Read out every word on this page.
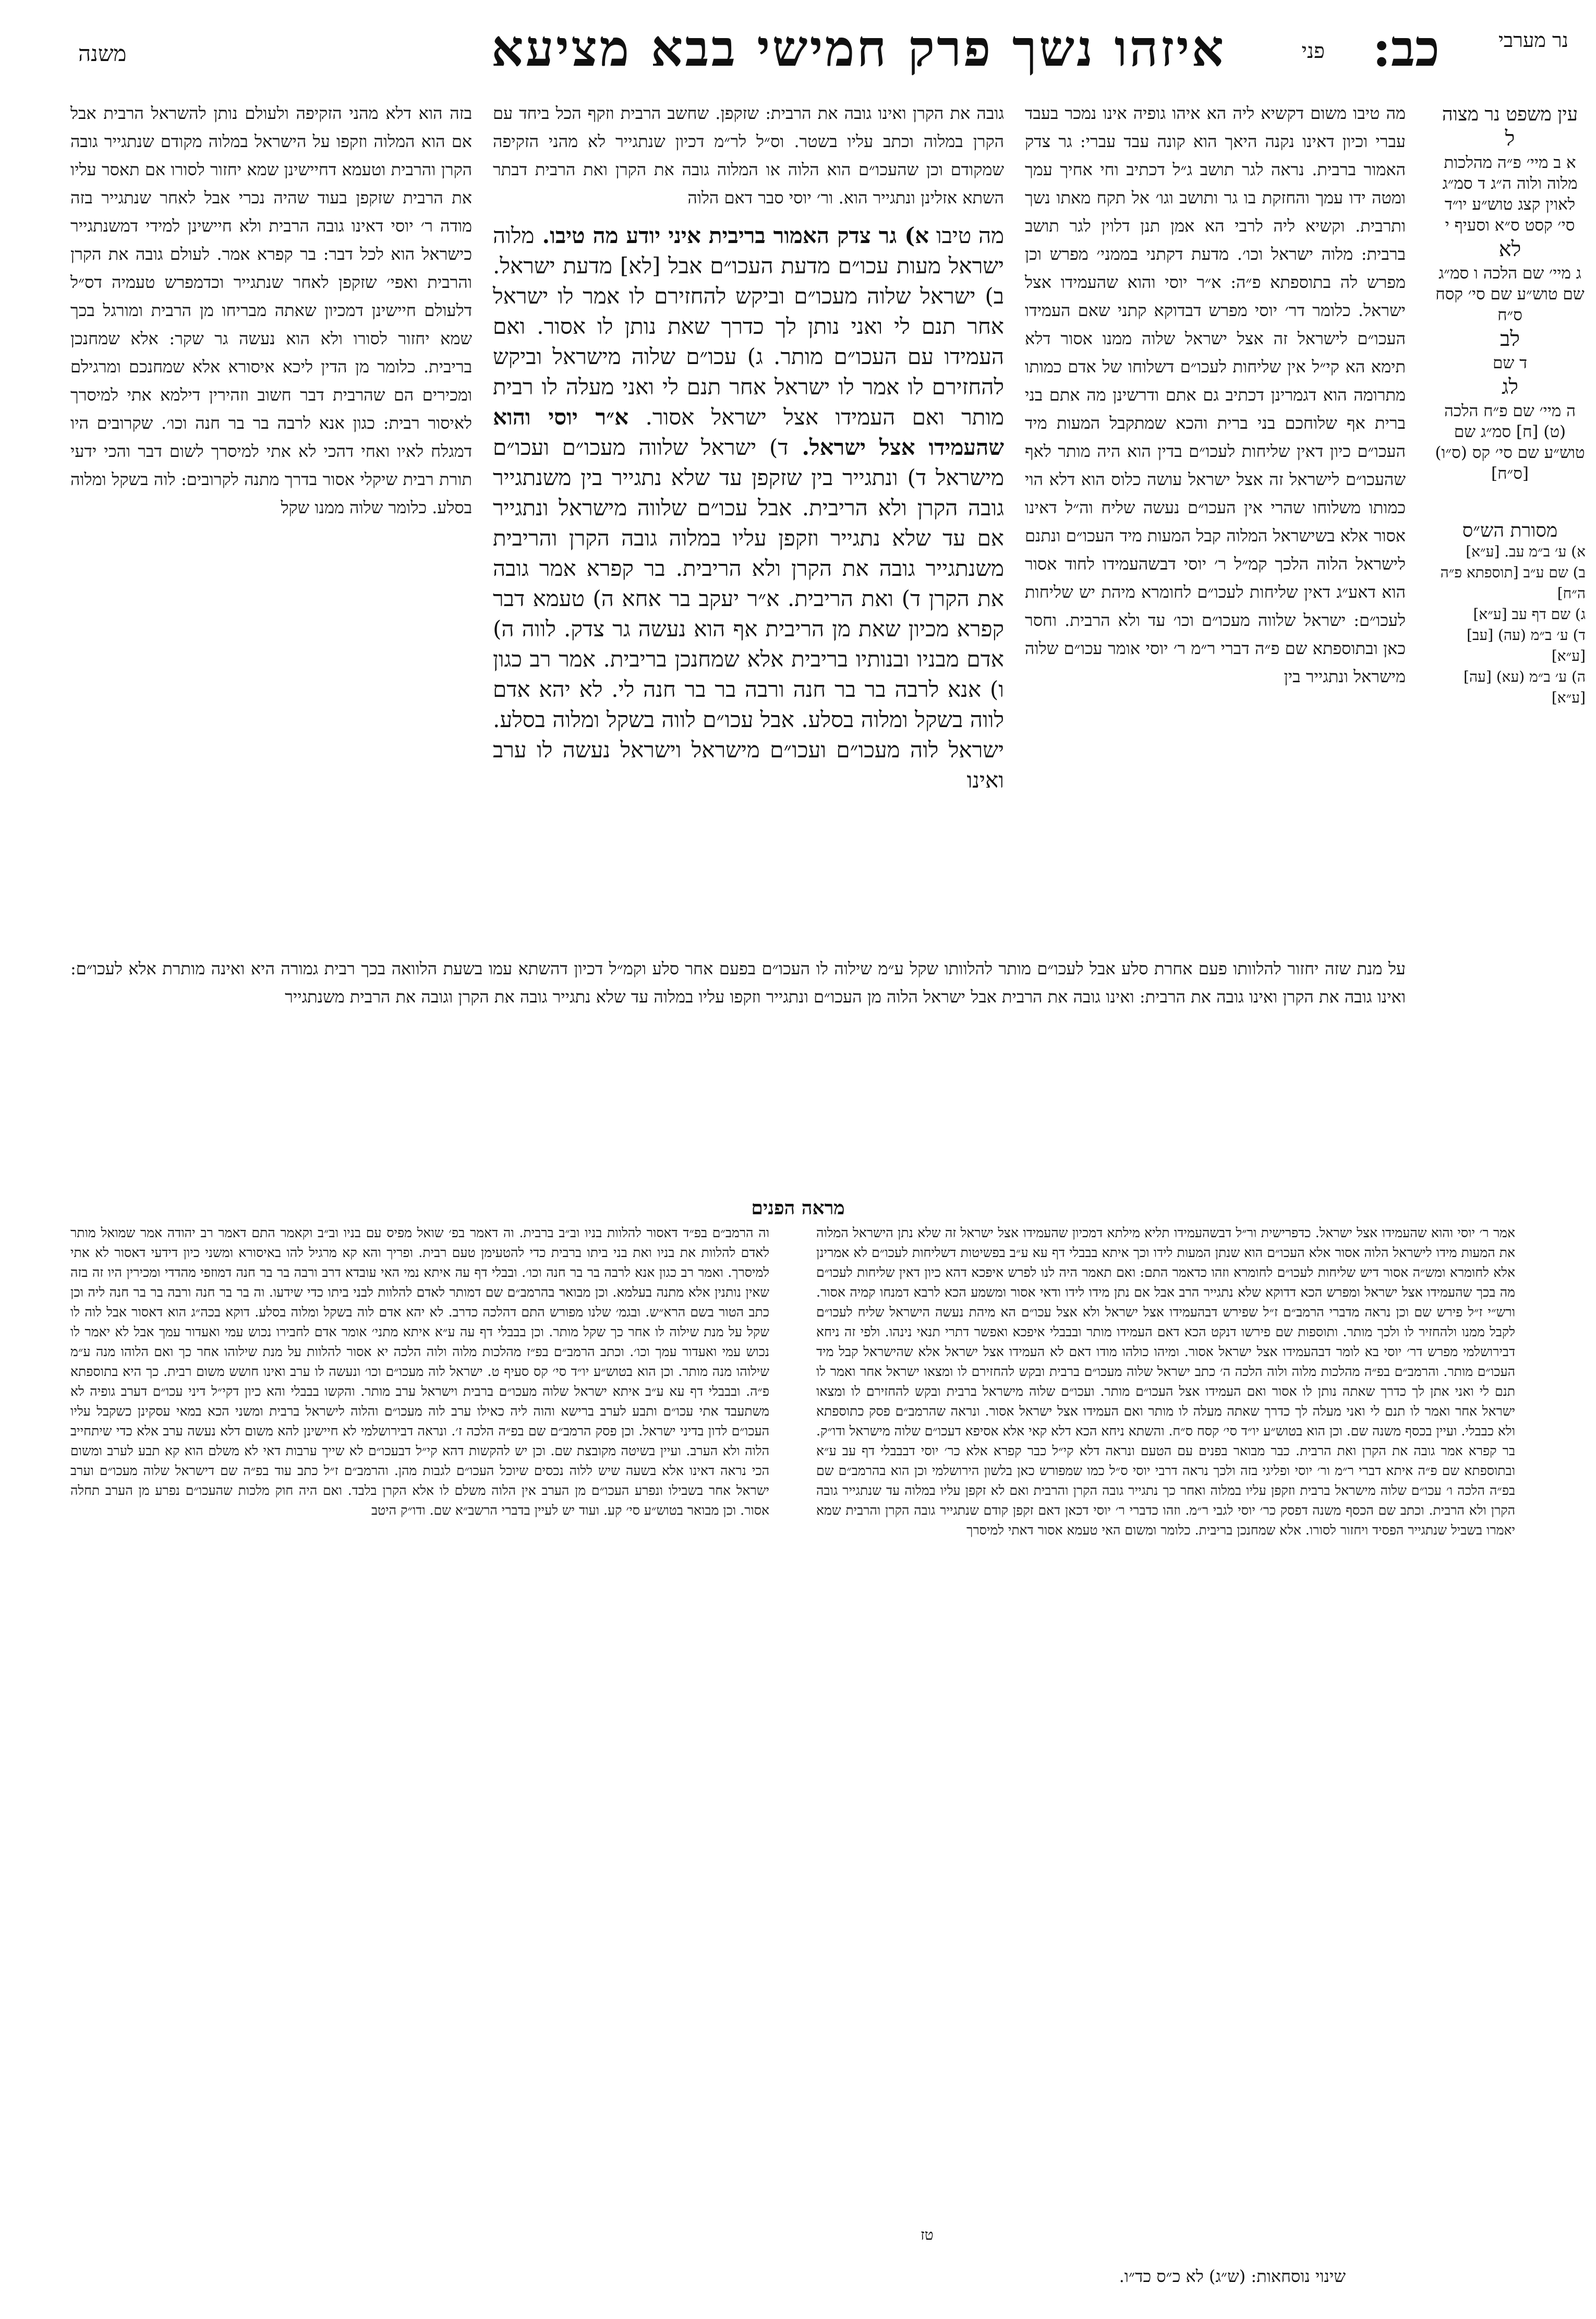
נר מערבי
כב:
פני
איזהו נשך פרק חמישי בבא מציעא
משנה
עין משפט נר מצוה
ל
א ב מיי׳ פ״ה מהלכות מלוה ולוה ה״ג ד סמ״ג לאוין קצג טוש״ע יו״ד סי׳ קסט ס״א וסעיף י
לא
ג מיי׳ שם הלכה ו סמ״ג שם טוש״ע שם סי׳ קסח ס״ח
לב
ד שם
לג
ה מיי׳ שם פ״ח הלכה (ט) [ח] סמ״ג שם טוש״ע שם סי׳ קס (ס״ו) [ס״ח]
מסורת הש״ס
א) ע׳ ב״מ עב. [ע״א]
ב) שם ע״ב [תוספתא פ״ה ה״ח]
ג) שם דף עב [ע״א]
ד) ע׳ ב״מ (עה) [עב] [ע״א]
ה) ע׳ ב״מ (עא) [עה] [ע״א]
מה טיבו משום דקשיא ליה הא איהו גופיה אינו נמכר בעבד עברי וכיון דאינו נקנה היאך הוא קונה עבד עברי: גר צדק האמור ברבית. נראה לגר תושב ג״ל דכתיב וחי אחיך עמך ומטה ידו עמך והחזקת בו גר ותושב וגו׳ אל תקח מאתו נשך ותרבית. וקשיא ליה לרבי הא אמן תנן דלוין לגר תושב ברבית: מלוה ישראל וכו׳. מדעת דקתני בממני׳ מפרש וכן מפרש לה בתוספתא פ״ה: א״ר יוסי והוא שהעמידו אצל ישראל. כלומר דר׳ יוסי מפרש דבדוקא קתני שאם העמידו העכו״ם לישראל זה אצל ישראל שלוה ממנו אסור דלא תימא הא קי״ל אין שליחות לעכו״ם דשלוחו של אדם כמותו מתרומה הוא דגמרינן דכתיב גם אתם ודרשינן מה אתם בני ברית אף שלוחכם בני ברית והכא שמתקבל המעות מיד העכו״ם כיון דאין שליחות לעכו״ם בדין הוא היה מותר לאף שהעכו״ם לישראל זה אצל ישראל עושה כלוס הוא דלא הוי כמותו משלוחו שהרי אין העכו״ם נעשה שליח וה״ל דאינו אסור אלא בשישראל המלוה קבל המעות מיד העכו״ם ונתנם לישראל הלוה הלכך קמ״ל ר׳ יוסי דבשהעמידו לחוד אסור הוא דאע״ג דאין שליחות לעכו״ם לחומרא מיהת יש שליחות לעכו״ם: ישראל שלווה מעכו״ם וכו׳ עד ולא הרבית. וחסר כאן ובתוספתא שם פ״ה דברי ר״מ ר׳ יוסי אומר עכו״ם שלוה מישראל ונתגייר בין
גובה את הקרן ואינו גובה את הרבית: שזקפן. שחשב הרבית וזקף הכל ביחד עם הקרן במלוה וכתב עליו בשטר. וס״ל לר״מ דכיון שנתגייר לא מהני הזקיפה שמקודם וכן שהעכו״ם הוא הלוה או המלוה גובה את הקרן ואת הרבית דבתר השתא אזלינן ונתגייר הוא. ור׳ יוסי סבר דאם הלוה
מה טיבו א) גר צדק האמור בריבית איני יודע מה טיבו. מלוה ישראל מעות עכו״ם מדעת העכו״ם אבל [לא] מדעת ישראל. ב) ישראל שלוה מעכו״ם וביקש להחזירם לו אמר לו ישראל אחר תנם לי ואני נותן לך כדרך שאת נותן לו אסור. ואם העמידו עם העכו״ם מותר. ג) עכו״ם שלוה מישראל וביקש להחזירם לו אמר לו ישראל אחר תנם לי ואני מעלה לו רבית מותר ואם העמידו אצל ישראל אסור. א״ר יוסי והוא שהעמידו אצל ישראל. ד) ישראל שלווה מעכו״ם ועכו״ם מישראל ד) ונתגייר בין שזקפן עד שלא נתגייר בין משנתגייר גובה הקרן ולא הריבית. אבל עכו״ם שלווה מישראל ונתגייר אם עד שלא נתגייר וזקפן עליו במלוה גובה הקרן והריבית משנתגייר גובה את הקרן ולא הריבית. בר קפרא אמר גובה את הקרן ד) ואת הריבית. א״ר יעקב בר אחא ה) טעמא דבר קפרא מכיון שאת מן הריבית אף הוא נעשה גר צדק. לווה ה) אדם מבניו ובנותיו בריבית אלא שמחנכן בריבית. אמר רב כגון ו) אנא לרבה בר בר חנה ורבה בר בר חנה לי. לא יהא אדם לווה בשקל ומלוה בסלע. אבל עכו״ם לווה בשקל ומלוה בסלע. ישראל לוה מעכו״ם ועכו״ם מישראל וישראל נעשה לו ערב ואינו
בזה הוא דלא מהני הזקיפה ולעולם נותן להשראל הרבית אבל אם הוא המלוה וזקפו על הישראל במלוה מקודם שנתגייר גובה הקרן והרבית וטעמא דחיישינן שמא יחזור לסורו אם תאסר עליו את הרבית שזקפן בעוד שהיה נכרי אבל לאחר שנתגייר בזה מודה ר׳ יוסי דאינו גובה הרבית ולא חיישינן למידי דמשנתגייר כישראל הוא לכל דבר: בר קפרא אמר. לעולם גובה את הקרן והרבית ואפי׳ שזקפן לאחר שנתגייר וכדמפרש טעמיה דס״ל דלעולם חיישינן דמכיון שאתה מבריחו מן הרבית ומורגל בכך שמא יחזור לסורו ולא הוא נעשה גר שקר: אלא שמחנכן בריבית. כלומר מן הדין ליכא איסורא אלא שמחנכם ומרגילם ומכירים הם שהרבית דבר חשוב וזהירין דילמא אתי למיסרך לאיסור רבית: כגון אנא לרבה בר בר חנה וכו׳. שקרובים היו דמגלח לאיו ואחי דהכי לא אתי למיסרך לשום דבר והכי ידעי תורת רבית שיקלי אסור בדרך מתנה לקרובים: לוה בשקל ומלוה בסלע. כלומר שלוה ממנו שקל
על מנת שזה יחזור להלוותו פעם אחרת סלע אבל לעכו״ם מותר להלוותו שקל ע״מ שילוה לו העכו״ם בפעם אחר סלע וקמ״ל דכיון דהשתא עמו בשעת הלוואה בכך רבית גמורה היא ואינה מותרת אלא לעכו״ם: ואינו גובה את הקרן ואינו גובה את הרבית: ואינו גובה את הרבית אבל ישראל הלוה מן העכו״ם ונתגייר וזקפו עליו במלוה עד שלא נתגייר גובה את הקרן וגובה את הרבית משנתגייר
מראה הפנים
אמר ר׳ יוסי והוא שהעמידו אצל ישראל. כדפרישית ור״ל דבשהעמידו תליא מילתא דמכיון שהעמידו אצל ישראל זה שלא נתן הישראל המלוה את המעות מידו לישראל הלוה אסור אלא העכו״ם הוא שנתן המעות לידו וכך איתא בבבלי דף עא ע״ב בפשיטות דשליחות לעכו״ם לא אמרינן אלא לחומרא ומש״ה אסור דיש שליחות לעכו״ם לחומרא וזהו כדאמר התם: ואם תאמר היה לנו לפרש איפכא דהא כיון דאין שליחות לעכו״ם מה בכך שהעמידו אצל ישראל ומפרש הכא דדוקא שלא נתגייר הרב אבל אם נתן מידו לידו ודאי אסור ומשמע הכא לרבא דמנחו קמיה אסור. ורש״י ז״ל פירש שם וכן נראה מדברי הרמב״ם ז״ל שפירש דבהעמידו אצל ישראל ולא אצל עכו״ם הא מיהת נעשה הישראל שליח לעכו״ם לקבל ממנו ולהחזיר לו ולכך מותר. ותוספות שם פירשו דנקט הכא דאם העמידו מותר ובבבלי איפכא ואפשר דתרי תנאי נינהו. ולפי זה ניחא דבירושלמי מפרש דר׳ יוסי בא לומר דבהעמידו אצל ישראל אסור. ומיהו כולהו מודו דאם לא העמידו אצל ישראל אלא שהישראל קבל מיד העכו״ם מותר. והרמב״ם בפ״ה מהלכות מלוה ולוה הלכה ה׳ כתב ישראל שלוה מעכו״ם ברבית ובקש להחזירם לו ומצאו ישראל אחר ואמר לו תנם לי ואני אתן לך כדרך שאתה נותן לו אסור ואם העמידו אצל העכו״ם מותר. ועכו״ם שלוה מישראל ברבית ובקש להחזירם לו ומצאו ישראל אחר ואמר לו תנם לי ואני מעלה לך כדרך שאתה מעלה לו מותר ואם העמידו אצל ישראל אסור. ונראה שהרמב״ם פסק כתוספתא ולא כבבלי. ועיין בכסף משנה שם. וכן הוא בטוש״ע יו״ד סי׳ קסח ס״ח. והשתא ניחא הכא דלא קאי אלא אסיפא דעכו״ם שלוה מישראל ודו״ק. בר קפרא אמר גובה את הקרן ואת הרבית. כבר מבואר בפנים עם הטעם ונראה דלא קי״ל כבר קפרא אלא כר׳ יוסי דבבבלי דף עב ע״א ובתוספתא שם פ״ה איתא דברי ר״מ ור׳ יוסי ופליגי בזה ולכך נראה דרבי יוסי ס״ל כמו שמפורש כאן בלשון הירושלמי וכן הוא בהרמב״ם שם בפ״ה הלכה ו׳ עכו״ם שלוה מישראל ברבית וזקפן עליו במלוה ואחר כך נתגייר גובה הקרן והרבית ואם לא זקפן עליו במלוה עד שנתגייר גובה הקרן ולא הרבית. וכתב שם הכסף משנה דפסק כר׳ יוסי לגבי ר״מ. וזהו כדברי ר׳ יוסי דכאן דאם זקפן קודם שנתגייר גובה הקרן והרבית שמא יאמרו בשביל שנתגייר הפסיד ויחזור לסורו. אלא שמחנכן בריבית. כלומר ומשום האי טעמא אסור דאתי למיסרך
וה הרמב״ם בפ״ד דאסור להלוות בניו וב״ב ברבית. וה דאמר בפ׳ שואל מפיס עם בניו וב״ב וקאמר התם דאמר רב יהודה אמר שמואל מותר לאדם להלוות את בניו ואת בני ביתו ברבית כדי להטעימן טעם רבית. ופריך והא קא מרגיל להו באיסורא ומשני כיון דידעי דאסור לא אתי למיסרך. ואמר רב כגון אנא לרבה בר בר חנה וכו׳. ובבלי דף עה איתא נמי האי עובדא דרב ורבה בר בר חנה דמוזפי מהדדי ומכירין היו זה בזה שאין נותנין אלא מתנה בעלמא. וכן מבואר בהרמב״ם שם דמותר לאדם להלוות לבני ביתו כדי שידעו. וה בר בר חנה ורבה בר בר חנה ליה וכן כתב הטור בשם הרא״ש. ובגמ׳ שלנו מפורש התם דהלכה כדרב. לא יהא אדם לוה בשקל ומלוה בסלע. דוקא בכה״ג הוא דאסור אבל לוה לו שקל על מנת שילוה לו אחר כך שקל מותר. וכן בבבלי דף עה ע״א איתא מתני׳ אומר אדם לחבירו נכוש עמי ואעדור עמך אבל לא יאמר לו נכוש עמי ואעדור עמך וכו׳. וכתב הרמב״ם בפ״ז מהלכות מלוה ולוה הלכה יא אסור להלוות על מנת שילוהו אחר כך ואם הלוהו מנה ע״מ שילוהו מנה מותר. וכן הוא בטוש״ע יו״ד סי׳ קס סעיף ט. ישראל לוה מעכו״ם וכו׳ ונעשה לו ערב ואינו חושש משום רבית. כך היא בתוספתא פ״ה. ובבבלי דף עא ע״ב איתא ישראל שלוה מעכו״ם ברבית וישראל ערב מותר. והקשו בבבלי והא כיון דקי״ל דיני עכו״ם דערב גופיה לא משתעבד אתי עכו״ם ותבע לערב ברישא והוה ליה כאילו ערב לוה מעכו״ם והלוה לישראל ברבית ומשני הכא במאי עסקינן כשקבל עליו העכו״ם לדון בדיני ישראל. וכן פסק הרמב״ם שם בפ״ה הלכה ז׳. ונראה דבירושלמי לא חיישינן להא משום דלא נעשה ערב אלא כדי שיתחייב הלוה ולא הערב. ועיין בשיטה מקובצת שם. וכן יש להקשות דהא קי״ל דבעכו״ם לא שייך ערבות דאי לא משלם הוא קא תבע לערב ומשום הכי נראה דאינו אלא בשעה שיש ללוה נכסים שיוכל העכו״ם לגבות מהן. והרמב״ם ז״ל כתב עוד בפ״ה שם דישראל שלוה מעכו״ם וערב ישראל אחר בשבילו ונפרע העכו״ם מן הערב אין הלוה משלם לו אלא הקרן בלבד. ואם היה חוק מלכות שהעכו״ם נפרע מן הערב תחלה אסור. וכן מבואר בטוש״ע סי׳ קע. ועוד יש לעיין בדברי הרשב״א שם. ודו״ק היטב
טז
שינוי נוסחאות: (ש״ג) לא כ״ס כד״ו.
